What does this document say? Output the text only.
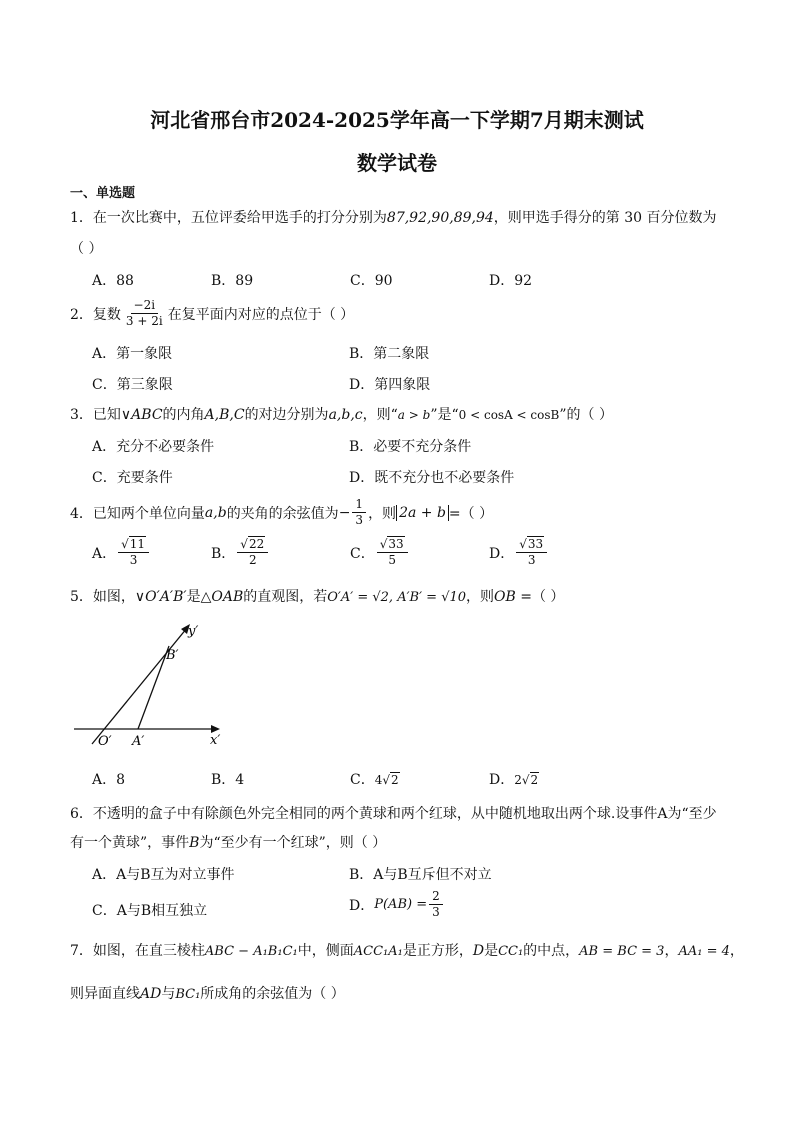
河北省邢台市2024-2025学年高一下学期7月期末测试
数学试卷
一、单选题
1．在一次比赛中，五位评委给甲选手的打分分别为87,92,90,89,94，则甲选手得分的第 30 百分位数为
（ ）
A．88	B．89	C．90	D．92
2．复数 $\frac{-2i}{3 + 2i}$ 在复平面内对应的点位于（ ）
A．第一象限	B．第二象限
C．第三象限	D．第四象限
3．已知∨ABC的内角A,B,C的对边分别为a,b,c，则“a > b”是“0 < cosA < cosB”的（ ）
A．充分不必要条件	B．必要不充分条件
C．充要条件	D．既不充分也不必要条件
4．已知两个单位向量 a,b 的夹角的余弦值为 − $\frac{1}{3}$ ，则 2a + b =（ ）
A． $\frac{√11}{3}$	B． $\frac{√22}{2}$	C． $\frac{√33}{5}$	D． $\frac{√33}{3}$
5．如图，∨O′A′B′是△OAB的直观图，若O′A′ = √2, A′B′ = √10，则OB =（ ）
y′
x′
B′
O′ A′
A．8	B．4	C．4√2	D．2√2
6．不透明的盒子中有除颜色外完全相同的两个黄球和两个红球，从中随机地取出两个球.设事件A为“至少
有一个黄球”，事件B为“至少有一个红球”，则（ ）
A．A与B互为对立事件	B．A与B互斥但不对立
C．A与B相互独立	D． $P(AB) = \frac{2}{3}$
7．如图，在直三棱柱ABC − A₁B₁C₁中，侧面ACC₁A₁是正方形，D是CC₁的中点，AB = BC = 3，AA₁ = 4，
则异面直线AD与BC₁所成角的余弦值为（ ）
